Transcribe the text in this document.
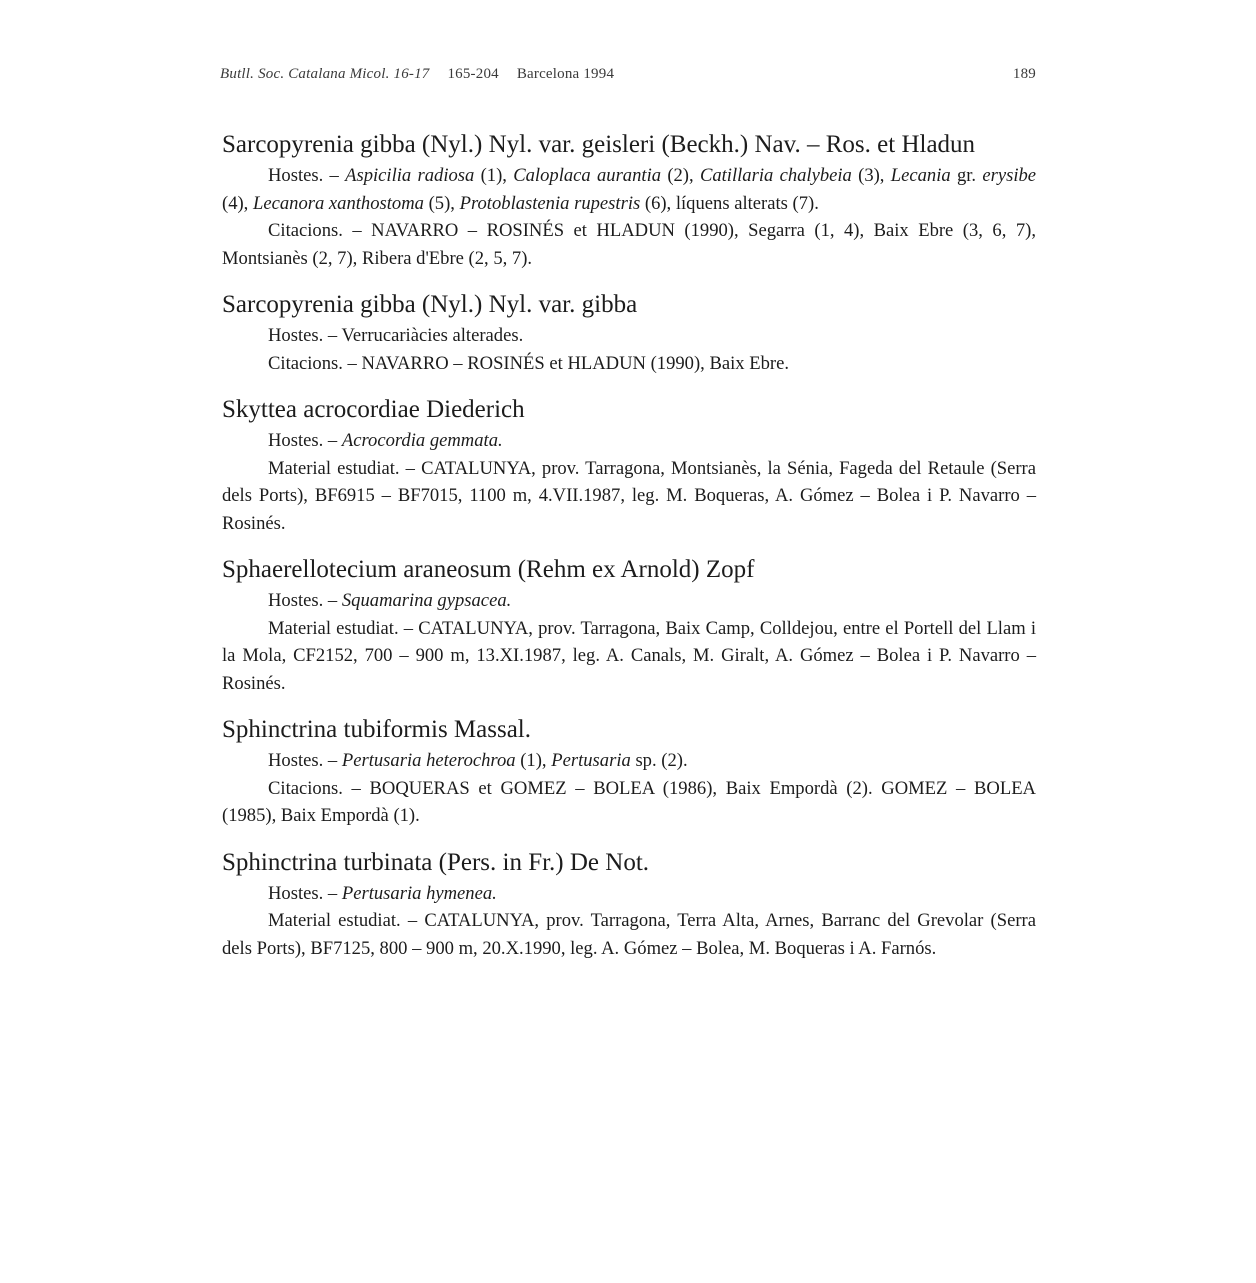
Butll. Soc. Catalana Micol. 16-17 165-204 Barcelona 1994	189
Sarcopyrenia gibba (Nyl.) Nyl. var. geisleri (Beckh.) Nav. – Ros. et Hladun

Hostes. – Aspicilia radiosa (1), Caloplaca aurantia (2), Catillaria chalybeia (3), Lecania gr. erysibe (4), Lecanora xanthostoma (5), Protoblastenia rupestris (6), líquens alterats (7).

Citacions. – NAVARRO – ROSINÉS et HLADUN (1990), Segarra (1, 4), Baix Ebre (3, 6, 7), Montsianès (2, 7), Ribera d'Ebre (2, 5, 7).

Sarcopyrenia gibba (Nyl.) Nyl. var. gibba

Hostes. – Verrucariàcies alterades.

Citacions. – NAVARRO – ROSINÉS et HLADUN (1990), Baix Ebre.

Skyttea acrocordiae Diederich

Hostes. – Acrocordia gemmata.

Material estudiat. – CATALUNYA, prov. Tarragona, Montsianès, la Sénia, Fageda del Retaule (Serra dels Ports), BF6915 – BF7015, 1100 m, 4.VII.1987, leg. M. Boqueras, A. Gómez – Bolea i P. Navarro – Rosinés.

Sphaerellotecium araneosum (Rehm ex Arnold) Zopf

Hostes. – Squamarina gypsacea.

Material estudiat. – CATALUNYA, prov. Tarragona, Baix Camp, Colldejou, entre el Portell del Llam i la Mola, CF2152, 700 – 900 m, 13.XI.1987, leg. A. Canals, M. Giralt, A. Gómez – Bolea i P. Navarro – Rosinés.

Sphinctrina tubiformis Massal.

Hostes. – Pertusaria heterochroa (1), Pertusaria sp. (2).

Citacions. – BOQUERAS et GOMEZ – BOLEA (1986), Baix Empordà (2). GOMEZ – BOLEA (1985), Baix Empordà (1).

Sphinctrina turbinata (Pers. in Fr.) De Not.

Hostes. – Pertusaria hymenea.

Material estudiat. – CATALUNYA, prov. Tarragona, Terra Alta, Arnes, Barranc del Grevolar (Serra dels Ports), BF7125, 800 – 900 m, 20.X.1990, leg. A. Gómez – Bolea, M. Boqueras i A. Farnós.
